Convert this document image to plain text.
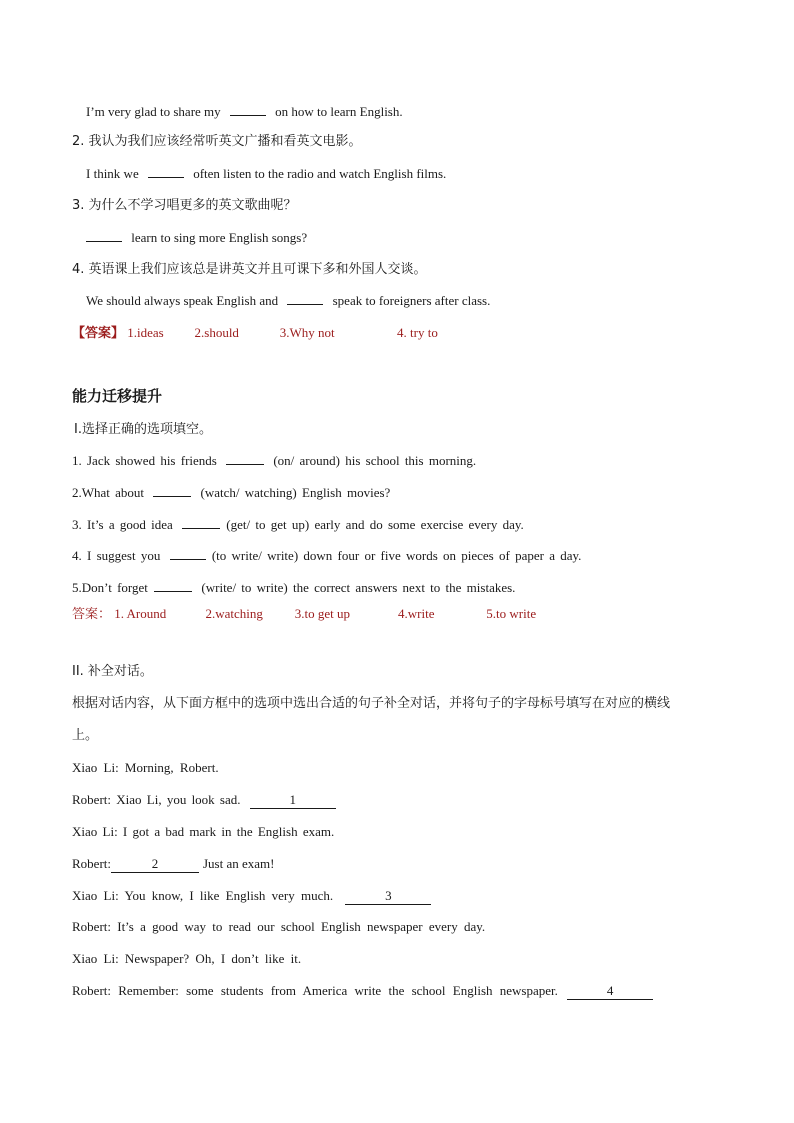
I’m very glad to share my	on how to learn English.
2. 我认为我们应该经常听英文广播和看英文电影。
I think we	often listen to the radio and watch English films.
3. 为什么不学习唱更多的英文歌曲呢？
learn to sing more English songs?
4. 英语课上我们应该总是讲英文并且可课下多和外国人交谈。
We should always speak English and	speak to foreigners after class.
【答案】 1.ideas 2.should	3.Why not	4. try to
能力迁移提升
Ⅰ.选择正确的选项填空。
1. Jack showed his friends	(on/ around) his school this morning.
2.What about	(watch/ watching) English movies?
3. It’s a good idea	(get/ to get up) early and do some exercise every day.
4. I suggest you	(to write/ write) down four or five words on pieces of paper a day.
5.Don’t forget	(write/ to write) the correct answers next to the mistakes.
答案： 1. Around	2.watching 3.to get up	4.write	5.to write
II. 补全对话。
根据对话内容，从下面方框中的选项中选出合适的句子补全对话，并将句子的字母标号填写在对应的横线
上。
Xiao Li: Morning, Robert.
Robert: Xiao Li, you look sad.	1
Xiao Li: I got a bad mark in the English exam.
Robert:	2	Just an exam!
Xiao Li: You know, I like English very much.	3
Robert: It’s a good way to read our school English newspaper every day.
Xiao Li: Newspaper? Oh, I don’t like it.
Robert: Remember: some students from America write the school English newspaper.	4
